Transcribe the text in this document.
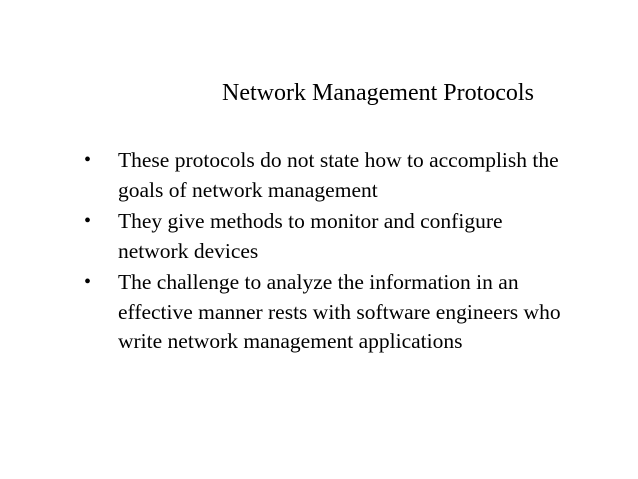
Network Management Protocols
• These protocols do not state how to accomplish the
goals of network management
• They give methods to monitor and configure
network devices
• The challenge to analyze the information in an
effective manner rests with software engineers who
write network management applications
